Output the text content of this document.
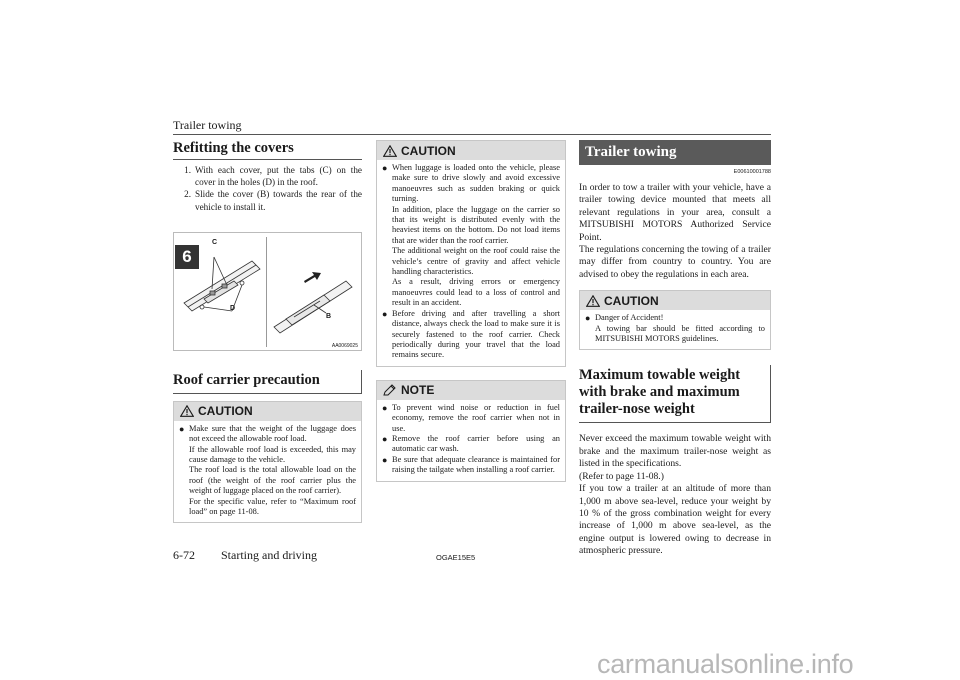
Trailer towing
6
Refitting the covers
1. With each cover, put the tabs (C) on the cover in the holes (D) in the roof.
2. Slide the cover (B) towards the rear of the vehicle to install it.
C
D
B
AA0069025
Roof carrier precaution
CAUTION
● Make sure that the weight of the luggage does not exceed the allowable roof load.

If the allowable roof load is exceeded, this may cause damage to the vehicle.

The roof load is the total allowable load on the roof (the weight of the roof carrier plus the weight of luggage placed on the roof carrier).

For the specific value, refer to “Maximum roof load” on page 11-08.

CAUTION
● When luggage is loaded onto the vehicle, please make sure to drive slowly and avoid excessive manoeuvres such as sudden braking or quick turning.

In addition, place the luggage on the carrier so that its weight is distributed evenly with the heaviest items on the bottom. Do not load items that are wider than the roof carrier.

The additional weight on the roof could raise the vehicle’s centre of gravity and affect vehicle handling characteristics.

As a result, driving errors or emergency manoeuvres could lead to a loss of control and result in an accident.

● Before driving and after travelling a short distance, always check the load to make sure it is securely fastened to the roof carrier. Check periodically during your travel that the load remains secure.

NOTE
● To prevent wind noise or reduction in fuel economy, remove the roof carrier when not in use.

● Remove the roof carrier before using an automatic car wash.

● Be sure that adequate clearance is maintained for raising the tailgate when installing a roof carrier.

Trailer towing
E00610001788

In order to tow a trailer with your vehicle, have a trailer towing device mounted that meets all relevant regulations in your area, consult a MITSUBISHI MOTORS Authorized Service Point.

The regulations concerning the towing of a trailer may differ from country to country. You are advised to obey the regulations in each area.

CAUTION
● Danger of Accident!

A towing bar should be fitted according to MITSUBISHI MOTORS guidelines.

Maximum towable weight with brake and maximum trailer-nose weight

Never exceed the maximum towable weight with brake and the maximum trailer-nose weight as listed in the specifications.

(Refer to page 11-08.)

If you tow a trailer at an altitude of more than 1,000 m above sea-level, reduce your weight by 10 % of the gross combination weight for every increase of 1,000 m above sea-level, as the engine output is lowered owing to decrease in atmospheric pressure.

6-72 Starting and driving	OGAE15E5
carmanualsonline.info
